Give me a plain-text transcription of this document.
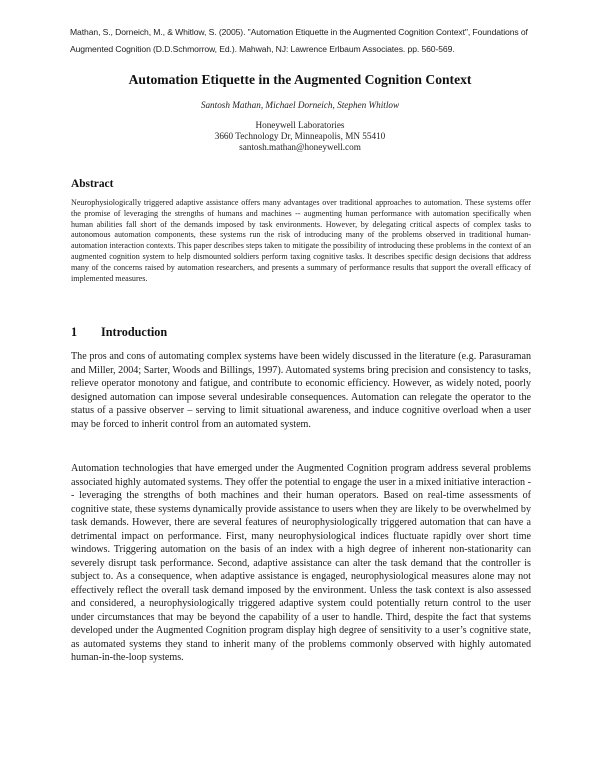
Mathan, S., Dorneich, M., & Whitlow, S. (2005). "Automation Etiquette in the Augmented Cognition Context", Foundations of Augmented Cognition (D.D.Schmorrow, Ed.). Mahwah, NJ: Lawrence Erlbaum Associates. pp. 560-569.
Automation Etiquette in the Augmented Cognition Context
Santosh Mathan, Michael Dorneich, Stephen Whitlow
Honeywell Laboratories
3660 Technology Dr, Minneapolis, MN 55410
santosh.mathan@honeywell.com
Abstract
Neurophysiologically triggered adaptive assistance offers many advantages over traditional approaches to automation. These systems offer the promise of leveraging the strengths of humans and machines -- augmenting human performance with automation specifically when human abilities fall short of the demands imposed by task environments. However, by delegating critical aspects of complex tasks to autonomous automation components, these systems run the risk of introducing many of the problems observed in traditional human-automation interaction contexts. This paper describes steps taken to mitigate the possibility of introducing these problems in the context of an augmented cognition system to help dismounted soldiers perform taxing cognitive tasks. It describes specific design decisions that address many of the concerns raised by automation researchers, and presents a summary of performance results that support the overall efficacy of implemented measures.
1 Introduction
The pros and cons of automating complex systems have been widely discussed in the literature (e.g. Parasuraman and Miller, 2004; Sarter, Woods and Billings, 1997). Automated systems bring precision and consistency to tasks, relieve operator monotony and fatigue, and contribute to economic efficiency. However, as widely noted, poorly designed automation can impose several undesirable consequences. Automation can relegate the operator to the status of a passive observer – serving to limit situational awareness, and induce cognitive overload when a user may be forced to inherit control from an automated system.
Automation technologies that have emerged under the Augmented Cognition program address several problems associated highly automated systems. They offer the potential to engage the user in a mixed initiative interaction -- leveraging the strengths of both machines and their human operators. Based on real-time assessments of cognitive state, these systems dynamically provide assistance to users when they are likely to be overwhelmed by task demands. However, there are several features of neurophysiologically triggered automation that can have a detrimental impact on performance. First, many neurophysiological indices fluctuate rapidly over short time windows. Triggering automation on the basis of an index with a high degree of inherent non-stationarity can severely disrupt task performance. Second, adaptive assistance can alter the task demand that the controller is subject to. As a consequence, when adaptive assistance is engaged, neurophysiological measures alone may not effectively reflect the overall task demand imposed by the environment. Unless the task context is also assessed and considered, a neurophysiologically triggered adaptive system could potentially return control to the user under circumstances that may be beyond the capability of a user to handle. Third, despite the fact that systems developed under the Augmented Cognition program display high degree of sensitivity to a user’s cognitive state, as automated systems they stand to inherit many of the problems commonly observed with highly automated human-in-the-loop systems.
